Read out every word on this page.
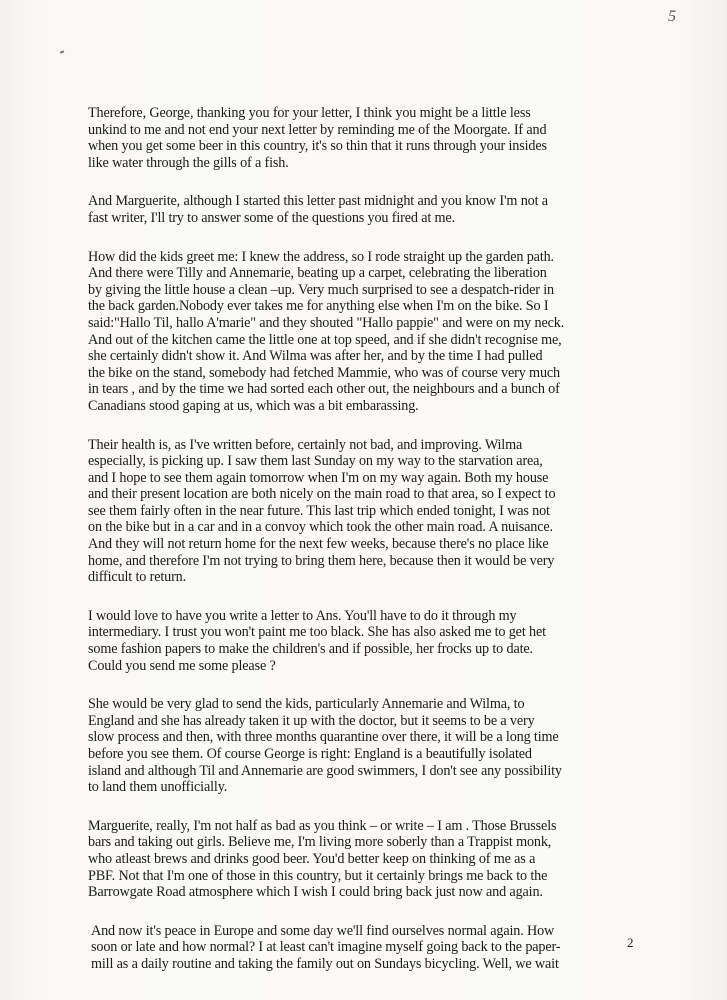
5

Therefore, George, thanking you for your letter, I think you might be a little less
unkind to me and not end your next letter by reminding me of the Moorgate. If and
when you get some beer in this country, it's so thin that it runs through your insides
like water through the gills of a fish.

And Marguerite, although I started this letter past midnight and you know I'm not a
fast writer, I'll try to answer some of the questions you fired at me.

How did the kids greet me: I knew the address, so I rode straight up the garden path.
And there were Tilly and Annemarie, beating up a carpet, celebrating the liberation
by giving the little house a clean –up. Very much surprised to see a despatch-rider in
the back garden.Nobody ever takes me for anything else when I'm on the bike. So I
said:"Hallo Til, hallo A'marie" and they shouted "Hallo pappie" and were on my neck.
And out of the kitchen came the little one at top speed, and if she didn't recognise me,
she certainly didn't show it. And Wilma was after her, and by the time I had pulled
the bike on the stand, somebody had fetched Mammie, who was of course very much
in tears , and by the time we had sorted each other out, the neighbours and a bunch of
Canadians stood gaping at us, which was a bit embarassing.

Their health is, as I've written before, certainly not bad, and improving. Wilma
especially, is picking up. I saw them last Sunday on my way to the starvation area,
and I hope to see them again tomorrow when I'm on my way again. Both my house
and their present location are both nicely on the main road to that area, so I expect to
see them fairly often in the near future. This last trip which ended tonight, I was not
on the bike but in a car and in a convoy which took the other main road. A nuisance.
And they will not return home for the next few weeks, because there's no place like
home, and therefore I'm not trying to bring them here, because then it would be very
difficult to return.

I would love to have you write a letter to Ans. You'll have to do it through my
intermediary. I trust you won't paint me too black. She has also asked me to get het
some fashion papers to make the children's and if possible, her frocks up to date.
Could you send me some please ?

She would be very glad to send the kids, particularly Annemarie and Wilma, to
England and she has already taken it up with the doctor, but it seems to be a very
slow process and then, with three months quarantine over there, it will be a long time
before you see them. Of course George is right: England is a beautifully isolated
island and although Til and Annemarie are good swimmers, I don't see any possibility
to land them unofficially.

Marguerite, really, I'm not half as bad as you think – or write – I am . Those Brussels
bars and taking out girls. Believe me, I'm living more soberly than a Trappist monk,
who atleast brews and drinks good beer. You'd better keep on thinking of me as a
PBF. Not that I'm one of those in this country, but it certainly brings me back to the
Barrowgate Road atmosphere which I wish I could bring back just now and again.

And now it's peace in Europe and some day we'll find ourselves normal again. How
soon or late and how normal? I at least can't imagine myself going back to the paper-
mill as a daily routine and taking the family out on Sundays bicycling. Well, we wait

2
